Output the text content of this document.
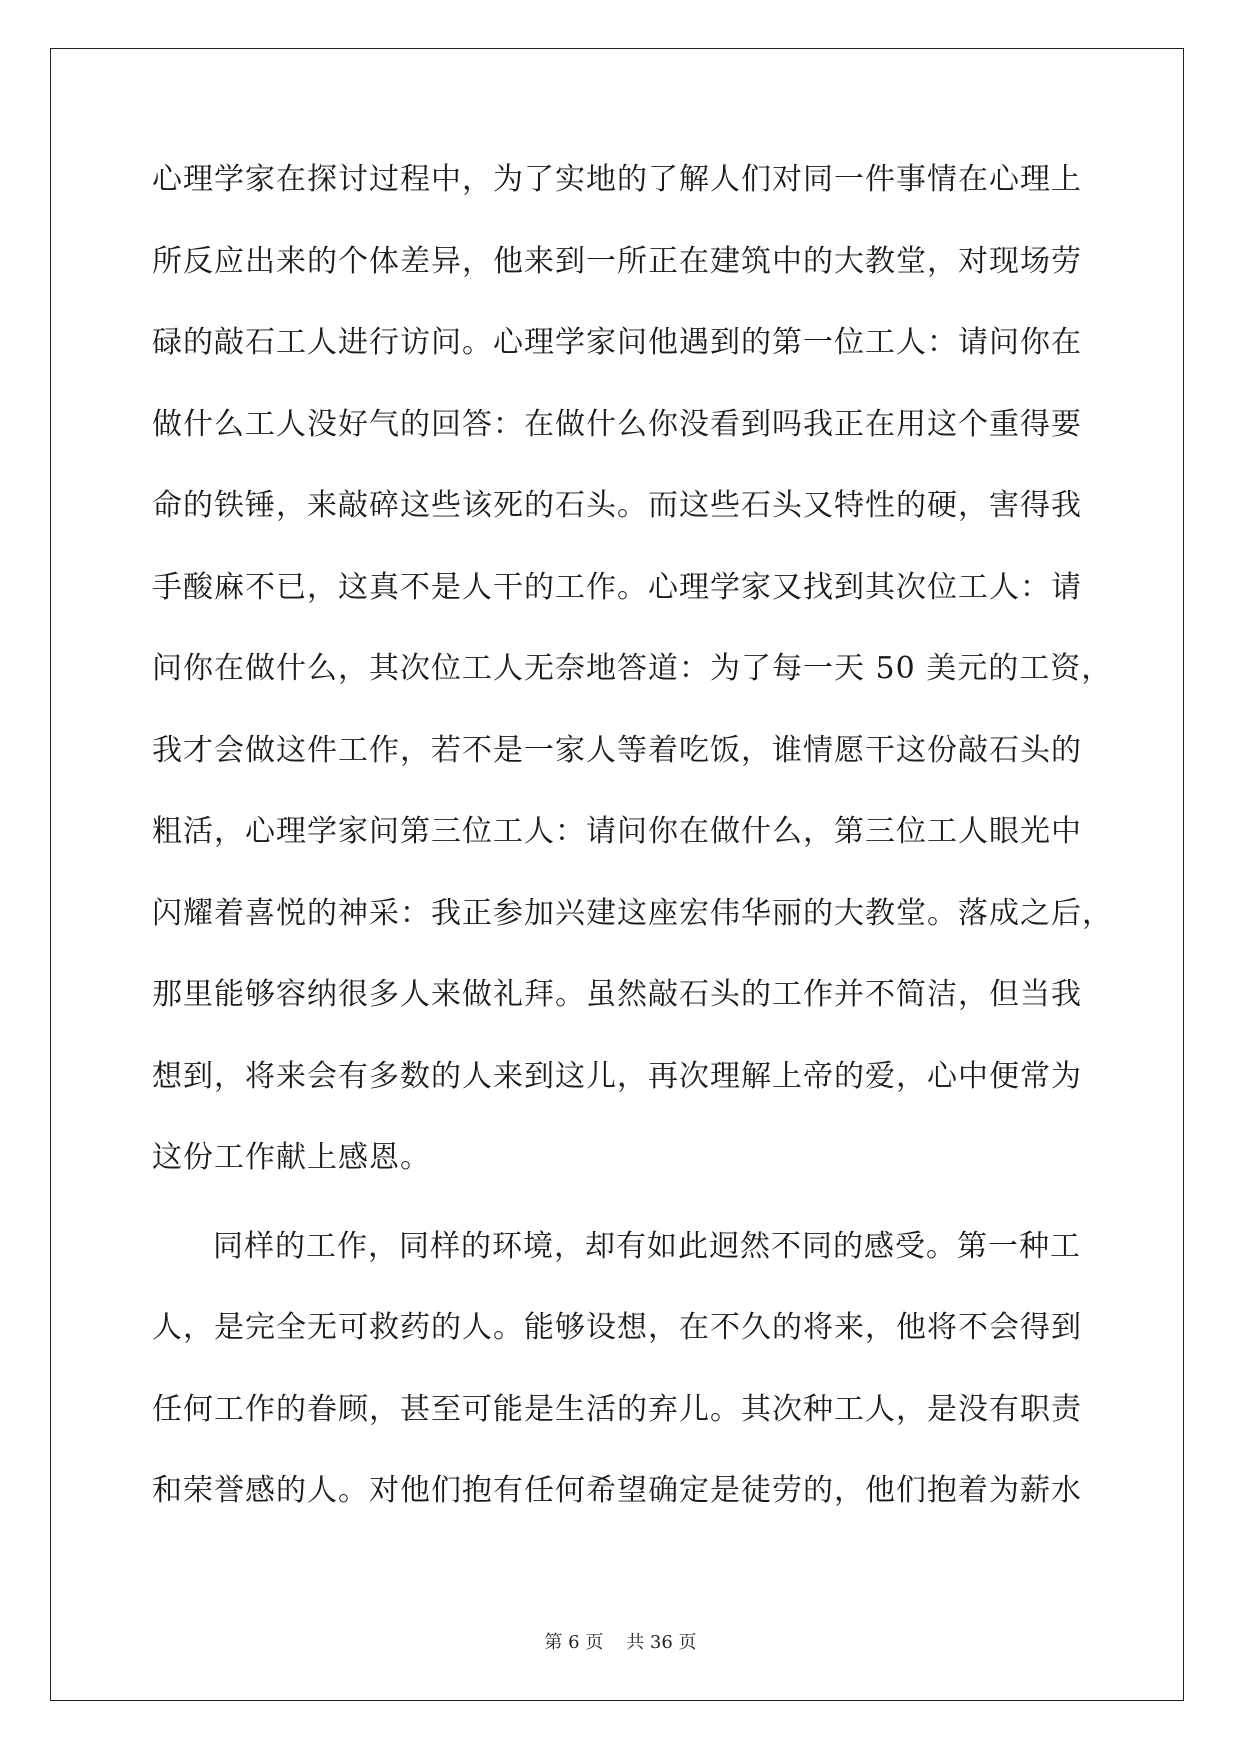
心理学家在探讨过程中，为了实地的了解人们对同一件事情在心理上
所反应出来的个体差异，他来到一所正在建筑中的大教堂，对现场劳
碌的敲石工人进行访问。心理学家问他遇到的第一位工人：请问你在
做什么工人没好气的回答：在做什么你没看到吗我正在用这个重得要
命的铁锤，来敲碎这些该死的石头。而这些石头又特性的硬，害得我
手酸麻不已，这真不是人干的工作。心理学家又找到其次位工人：请
问你在做什么，其次位工人无奈地答道：为了每一天 50 美元的工资，
我才会做这件工作，若不是一家人等着吃饭，谁情愿干这份敲石头的
粗活，心理学家问第三位工人：请问你在做什么，第三位工人眼光中
闪耀着喜悦的神采：我正参加兴建这座宏伟华丽的大教堂。落成之后，
那里能够容纳很多人来做礼拜。虽然敲石头的工作并不简洁，但当我
想到，将来会有多数的人来到这儿，再次理解上帝的爱，心中便常为
这份工作献上感恩。
同样的工作，同样的环境，却有如此迥然不同的感受。第一种工
人，是完全无可救药的人。能够设想，在不久的将来，他将不会得到
任何工作的眷顾，甚至可能是生活的弃儿。其次种工人，是没有职责
和荣誉感的人。对他们抱有任何希望确定是徒劳的，他们抱着为薪水
第 6 页    共 36 页
